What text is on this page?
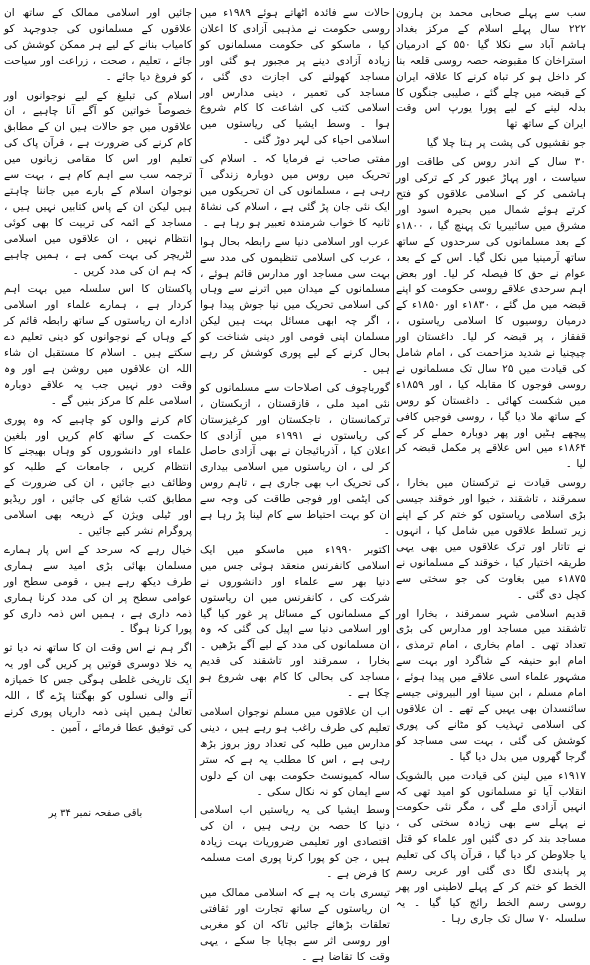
سب سے پہلے صحابی محمد بن ہارون ۲۲۲ سال پہلے اسلام کے مرکز بغداد ہاشم آباد سے نکلا گیا ۵۵۰ کے ادرمیان استراخان کا مقبوضہ حصہ روسی قلعہ بنا کر داخل ہو کر تباہ کرنے کا علاقہ ایران کے قبضہ میں چلے گئے ، صلیبی جنگوں کا بدلہ لینے کے لیے پورا یورپ اس وقت ایران کے ساتھ تھا

جو نقشیوں کی پشت پر ہتا چلا گیا

۳۰ سال کے اندر روس کی طاقت اور سیاست ، اور پہاڑ عبور کر کے ترکی اور ہاشمی کر کے اسلامی علاقوں کو فتح کرتے ہوئے شمال میں بحیرہ اسود اور مشرق میں سائبیریا تک پہنچ گیا ، ۱۸۰۰ء کے بعد مسلمانوں کی سرحدوں کے ساتھ ساتھ آرمینیا میں نکل گیا۔ اس کے کے بعد عوام نے حق کا فیصلہ کر لیا۔ اور بعض اہم سرحدی علاقے روسی حکومت کو اپنے قبضہ میں مل گئے ، ۱۸۳۰ء اور ۱۸۵۰ء کے درمیان روسیوں کا اسلامی ریاستوں ، قفقاز ، پر قبضہ کر لیا۔ داغستان اور چیچنیا نے شدید مزاحمت کی ، امام شامل کی قیادت میں ۲۵ سال تک مسلمانوں نے روسی فوجوں کا مقابلہ کیا ، اور ۱۸۵۹ء میں شکست کھائی ۔ داغستان کو روس کے ساتھ ملا دیا گیا ، روسی فوجیں کافی پیچھے ہٹیں اور پھر دوبارہ حملے کر کے ۱۸۶۴ء میں اس علاقے پر مکمل قبضہ کر لیا ۔

روسی قیادت نے ترکستان میں بخارا ، سمرقند ، تاشقند ، خیوا اور خوقند جیسی بڑی اسلامی ریاستوں کو ختم کر کے اپنے زیر تسلط علاقوں میں شامل کیا ، انہوں نے تاتار اور ترک علاقوں میں بھی یہی طریقہ اختیار کیا ، خوقند کے مسلمانوں نے ۱۸۷۵ء میں بغاوت کی جو سختی سے کچل دی گئی ۔

قدیم اسلامی شہر سمرقند ، بخارا اور تاشقند میں مساجد اور مدارس کی بڑی تعداد تھی ۔ امام بخاری ، امام ترمذی ، امام ابو حنیفہ کے شاگرد اور بہت سے مشہور علماء اسی علاقے میں پیدا ہوئے ، امام مسلم ، ابن سینا اور البیرونی جیسے سائنسدان بھی یہیں کے تھے ۔ ان علاقوں کی اسلامی تہذیب کو مٹانے کی پوری کوشش کی گئی ، بہت سی مساجد کو گرجا گھروں میں بدل دیا گیا ۔

۱۹۱۷ء میں لینن کی قیادت میں بالشویک انقلاب آیا تو مسلمانوں کو امید تھی کہ انہیں آزادی ملے گی ، مگر نئی حکومت نے پہلے سے بھی زیادہ سختی کی ، مساجد بند کر دی گئیں اور علماء کو قتل یا جلاوطن کر دیا گیا ، قرآن پاک کی تعلیم پر پابندی لگا دی گئی اور عربی رسم الخط کو ختم کر کے پہلے لاطینی اور پھر روسی رسم الخط رائج کیا گیا ۔ یہ سلسلہ ۷۰ سال تک جاری رہا ۔

حالات سے فائدہ اٹھاتے ہوئے ۱۹۸۹ء میں روسی حکومت نے مذہبی آزادی کا اعلان کیا ، ماسکو کی حکومت مسلمانوں کو زیادہ آزادی دینے پر مجبور ہو گئی اور مساجد کھولنے کی اجازت دی گئی ، مساجد کی تعمیر ، دینی مدارس اور اسلامی کتب کی اشاعت کا کام شروع ہوا ۔ وسط ایشیا کی ریاستوں میں اسلامی احیاء کی لہر دوڑ گئی ۔

مفتی صاحب نے فرمایا کہ ۔ اسلام کی تحریک میں روس میں دوبارہ زندگی آ رہی ہے ، مسلمانوں کی ان تحریکوں میں ایک نئی جان پڑ گئی ہے ، اسلام کی نشاۃ ثانیہ کا خواب شرمندہ تعبیر ہو رہا ہے ۔

عرب اور اسلامی دنیا سے رابطہ بحال ہوا ، عرب کی اسلامی تنظیموں کی مدد سے بہت سی مساجد اور مدارس قائم ہوئے ، مسلمانوں کے میدان میں اترنے سے وہاں کی اسلامی تحریک میں نیا جوش پیدا ہوا ، اگر چہ ابھی مسائل بہت ہیں لیکن مسلمان اپنی قومی اور دینی شناخت کو بحال کرنے کے لیے پوری کوشش کر رہے ہیں ۔

گورباچوف کی اصلاحات سے مسلمانوں کو نئی امید ملی ، قازقستان ، ازبکستان ، ترکمانستان ، تاجکستان اور کرغیزستان کی ریاستوں نے ۱۹۹۱ء میں آزادی کا اعلان کیا ، آذربائیجان نے بھی آزادی حاصل کر لی ، ان ریاستوں میں اسلامی بیداری کی تحریک اب بھی جاری ہے ، تاہم روس کی ایٹمی اور فوجی طاقت کی وجہ سے ان کو بہت احتیاط سے کام لینا پڑ رہا ہے ۔

اکتوبر ۱۹۹۰ء میں ماسکو میں ایک اسلامی کانفرنس منعقد ہوئی جس میں دنیا بھر سے علماء اور دانشوروں نے شرکت کی ، کانفرنس میں ان ریاستوں کے مسلمانوں کے مسائل پر غور کیا گیا اور اسلامی دنیا سے اپیل کی گئی کہ وہ ان مسلمانوں کی مدد کے لیے آگے بڑھیں ۔ بخارا ، سمرقند اور تاشقند کی قدیم مساجد کی بحالی کا کام بھی شروع ہو چکا ہے ۔

اب ان علاقوں میں مسلم نوجوان اسلامی تعلیم کی طرف راغب ہو رہے ہیں ، دینی مدارس میں طلبہ کی تعداد روز بروز بڑھ رہی ہے ، اس کا مطلب یہ ہے کہ ستر سالہ کمیونسٹ حکومت بھی ان کے دلوں سے ایمان کو نہ نکال سکی ۔

وسط ایشیا کی یہ ریاستیں اب اسلامی دنیا کا حصہ بن رہی ہیں ، ان کی اقتصادی اور تعلیمی ضروریات بہت زیادہ ہیں ، جن کو پورا کرنا پوری امت مسلمہ کا فرض ہے ۔

تیسری بات یہ ہے کہ اسلامی ممالک میں ان ریاستوں کے ساتھ تجارت اور ثقافتی تعلقات بڑھائے جائیں تاکہ ان کو مغربی اور روسی اثر سے بچایا جا سکے ، یہی وقت کا تقاضا ہے ۔

جائیں اور اسلامی ممالک کے ساتھ ان علاقوں کے مسلمانوں کی جدوجہد کو کامیاب بنانے کے لیے ہر ممکن کوشش کی جائے ، تعلیم ، صحت ، زراعت اور سیاحت کو فروغ دیا جائے ۔

اسلام کی تبلیغ کے لیے نوجوانوں اور خصوصاً خواتین کو آگے آنا چاہیے ، ان علاقوں میں جو حالات ہیں ان کے مطابق کام کرنے کی ضرورت ہے ، قرآن پاک کی تعلیم اور اس کا مقامی زبانوں میں ترجمہ سب سے اہم کام ہے ، بہت سے نوجوان اسلام کے بارے میں جاننا چاہتے ہیں لیکن ان کے پاس کتابیں نہیں ہیں ، مساجد کے ائمہ کی تربیت کا بھی کوئی انتظام نہیں ، ان علاقوں میں اسلامی لٹریچر کی بہت کمی ہے ، ہمیں چاہیے کہ ہم ان کی مدد کریں ۔

پاکستان کا اس سلسلہ میں بہت اہم کردار ہے ، ہمارے علماء اور اسلامی ادارے ان ریاستوں کے ساتھ رابطہ قائم کر کے وہاں کے نوجوانوں کو دینی تعلیم دے سکتے ہیں ۔ اسلام کا مستقبل ان شاء اللہ ان علاقوں میں روشن ہے اور وہ وقت دور نہیں جب یہ علاقے دوبارہ اسلامی علم کا مرکز بنیں گے ۔

کام کرنے والوں کو چاہیے کہ وہ پوری حکمت کے ساتھ کام کریں اور بلغین علماء اور دانشوروں کو وہاں بھیجنے کا انتظام کریں ، جامعات کے طلبہ کو وظائف دیے جائیں ، ان کی ضرورت کے مطابق کتب شائع کی جائیں ، اور ریڈیو اور ٹیلی ویژن کے ذریعہ بھی اسلامی پروگرام نشر کیے جائیں ۔

خیال رہے کہ سرحد کے اس پار ہمارے مسلمان بھائی بڑی امید سے ہماری طرف دیکھ رہے ہیں ، قومی سطح اور عوامی سطح پر ان کی مدد کرنا ہماری ذمہ داری ہے ، ہمیں اس ذمہ داری کو پورا کرنا ہوگا ۔

اگر ہم نے اس وقت ان کا ساتھ نہ دیا تو یہ خلا دوسری قوتیں پر کریں گی اور یہ ایک تاریخی غلطی ہوگی جس کا خمیازہ آنے والی نسلوں کو بھگتنا پڑے گا ، اللہ تعالیٰ ہمیں اپنی ذمہ داریاں پوری کرنے کی توفیق عطا فرمائے ، آمین ۔

باقی صفحہ نمبر ۳۴ پر
